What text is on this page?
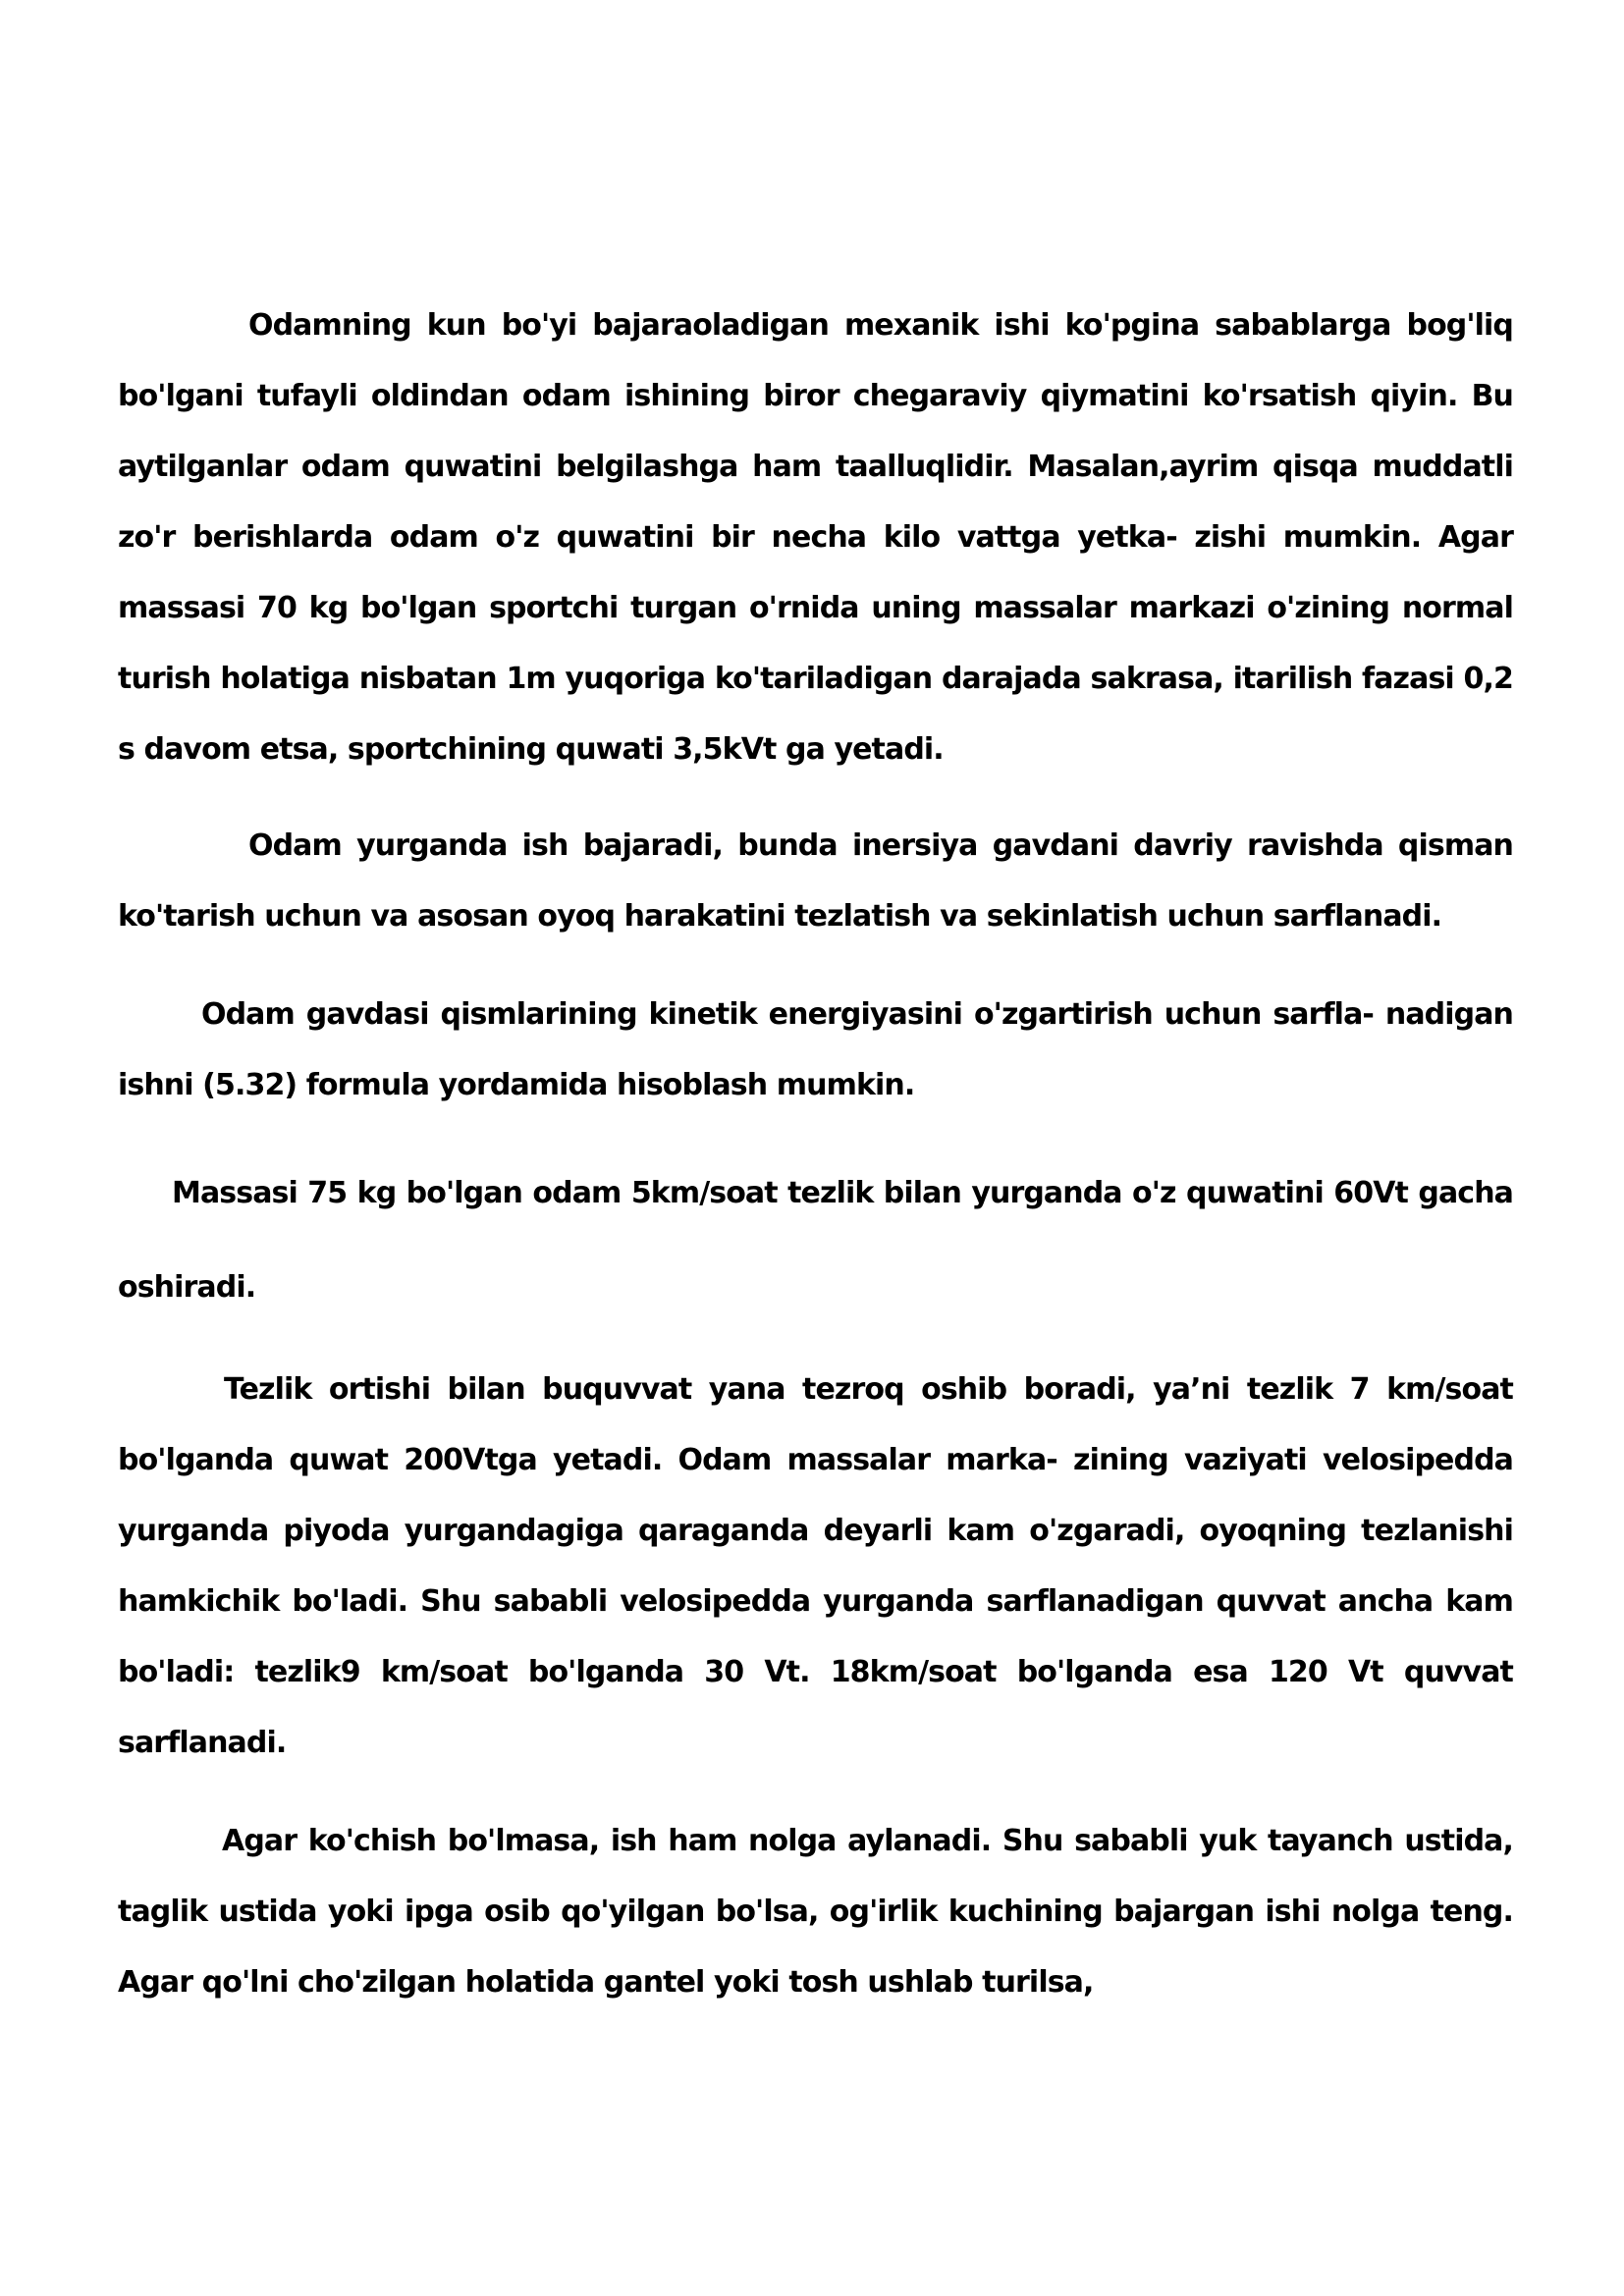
Odamning kun bo'yi bajaraoladigan mexanik ishi ko'pgina sabablarga bog'liq bo'lgani tufayli oldindan odam ishining biror chegaraviy qiymatini ko'rsatish qiyin. Bu aytilganlar odam quwatini belgilashga ham taalluqlidir. Masalan,ayrim qisqa muddatli zo'r berishlarda odam o'z quwatini bir necha kilo vattga yetka- zishi mumkin. Agar massasi 70 kg bo'lgan sportchi turgan o'rnida uning massalar markazi o'zining normal turish holatiga nisbatan 1m yuqoriga ko'tariladigan darajada sakrasa, itarilish fazasi 0,2 s davom etsa, sportchining quwati 3,5kVt ga yetadi.

Odam yurganda ish bajaradi, bunda inersiya gavdani davriy ravishda qisman ko'tarish uchun va asosan oyoq harakatini tezlatish va sekinlatish uchun sarflanadi.

Odam gavdasi qismlarining kinetik energiyasini o'zgartirish uchun sarfla- nadigan ishni (5.32) formula yordamida hisoblash mumkin.

Massasi 75 kg bo'lgan odam 5km/soat tezlik bilan yurganda o'z quwatini 60Vt gacha oshiradi.

Tezlik ortishi bilan buquvvat yana tezroq oshib boradi, ya’ni tezlik 7 km/soat bo'lganda quwat 200Vtga yetadi. Odam massalar marka- zining vaziyati velosipedda yurganda piyoda yurgandagiga qaraganda deyarli kam o'zgaradi, oyoqning tezlanishi hamkichik bo'ladi. Shu sababli velosipedda yurganda sarflanadigan quvvat ancha kam bo'ladi: tezlik9 km/soat bo'lganda 30 Vt. 18km/soat bo'lganda esa 120 Vt quvvat sarflanadi.

Agar ko'chish bo'lmasa, ish ham nolga aylanadi. Shu sababli yuk tayanch ustida, taglik ustida yoki ipga osib qo'yilgan bo'lsa, og'irlik kuchining bajargan ishi nolga teng. Agar qo'lni cho'zilgan holatida gantel yoki tosh ushlab turilsa,
